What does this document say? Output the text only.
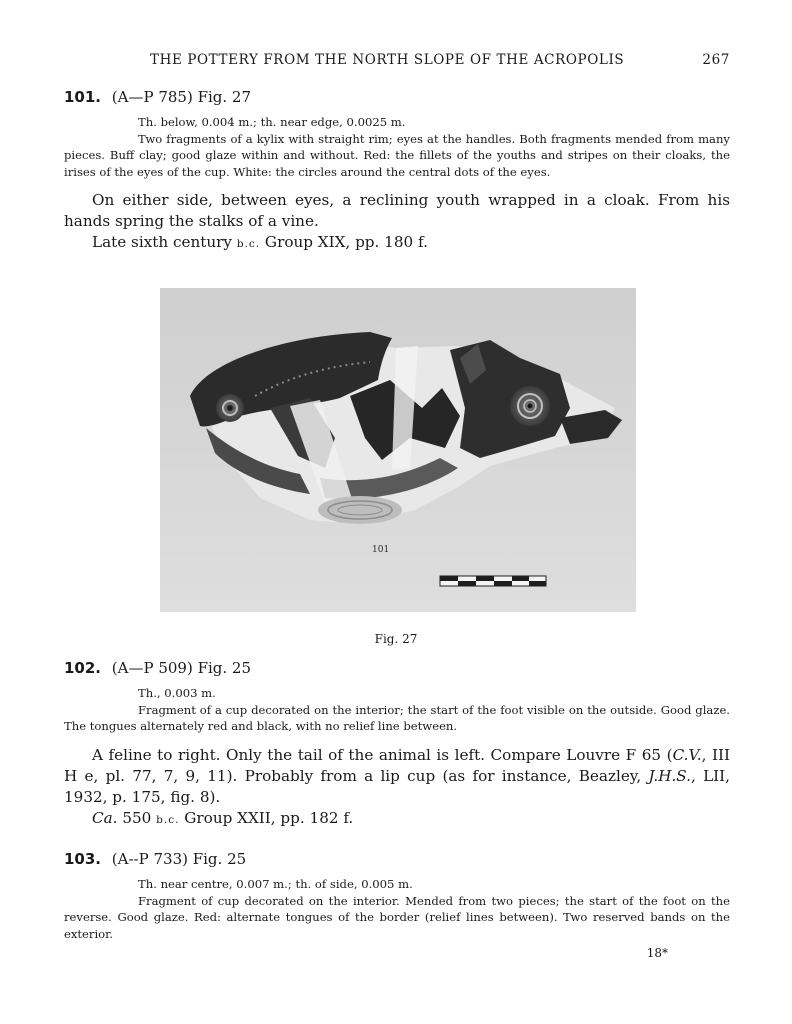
THE POTTERY FROM THE NORTH SLOPE OF THE ACROPOLIS	267
101. (A—P 785) Fig. 27

Th. below, 0.004 m.; th. near edge, 0.0025 m.

Two fragments of a kylix with straight rim; eyes at the handles. Both fragments mended from many pieces. Buff clay; good glaze within and without. Red: the fillets of the youths and stripes on their cloaks, the irises of the eyes of the cup. White: the circles around the central dots of the eyes.

On either side, between eyes, a reclining youth wrapped in a cloak. From his hands spring the stalks of a vine.

Late sixth century b.c. Group XIX, pp. 180 f.

101
Fig. 27
102. (A—P 509) Fig. 25

Th., 0.003 m.

Fragment of a cup decorated on the interior; the start of the foot visible on the outside. Good glaze. The tongues alternately red and black, with no relief line between.

A feline to right. Only the tail of the animal is left. Compare Louvre F 65 (C.V., III H e, pl. 77, 7, 9, 11). Probably from a lip cup (as for instance, Beazley, J.H.S., LII, 1932, p. 175, fig. 8).

Ca. 550 b.c. Group XXII, pp. 182 f.

103. (A--P 733) Fig. 25

Th. near centre, 0.007 m.; th. of side, 0.005 m.

Fragment of cup decorated on the interior. Mended from two pieces; the start of the foot on the reverse. Good glaze. Red: alternate tongues of the border (relief lines between). Two reserved bands on the exterior.

18*
